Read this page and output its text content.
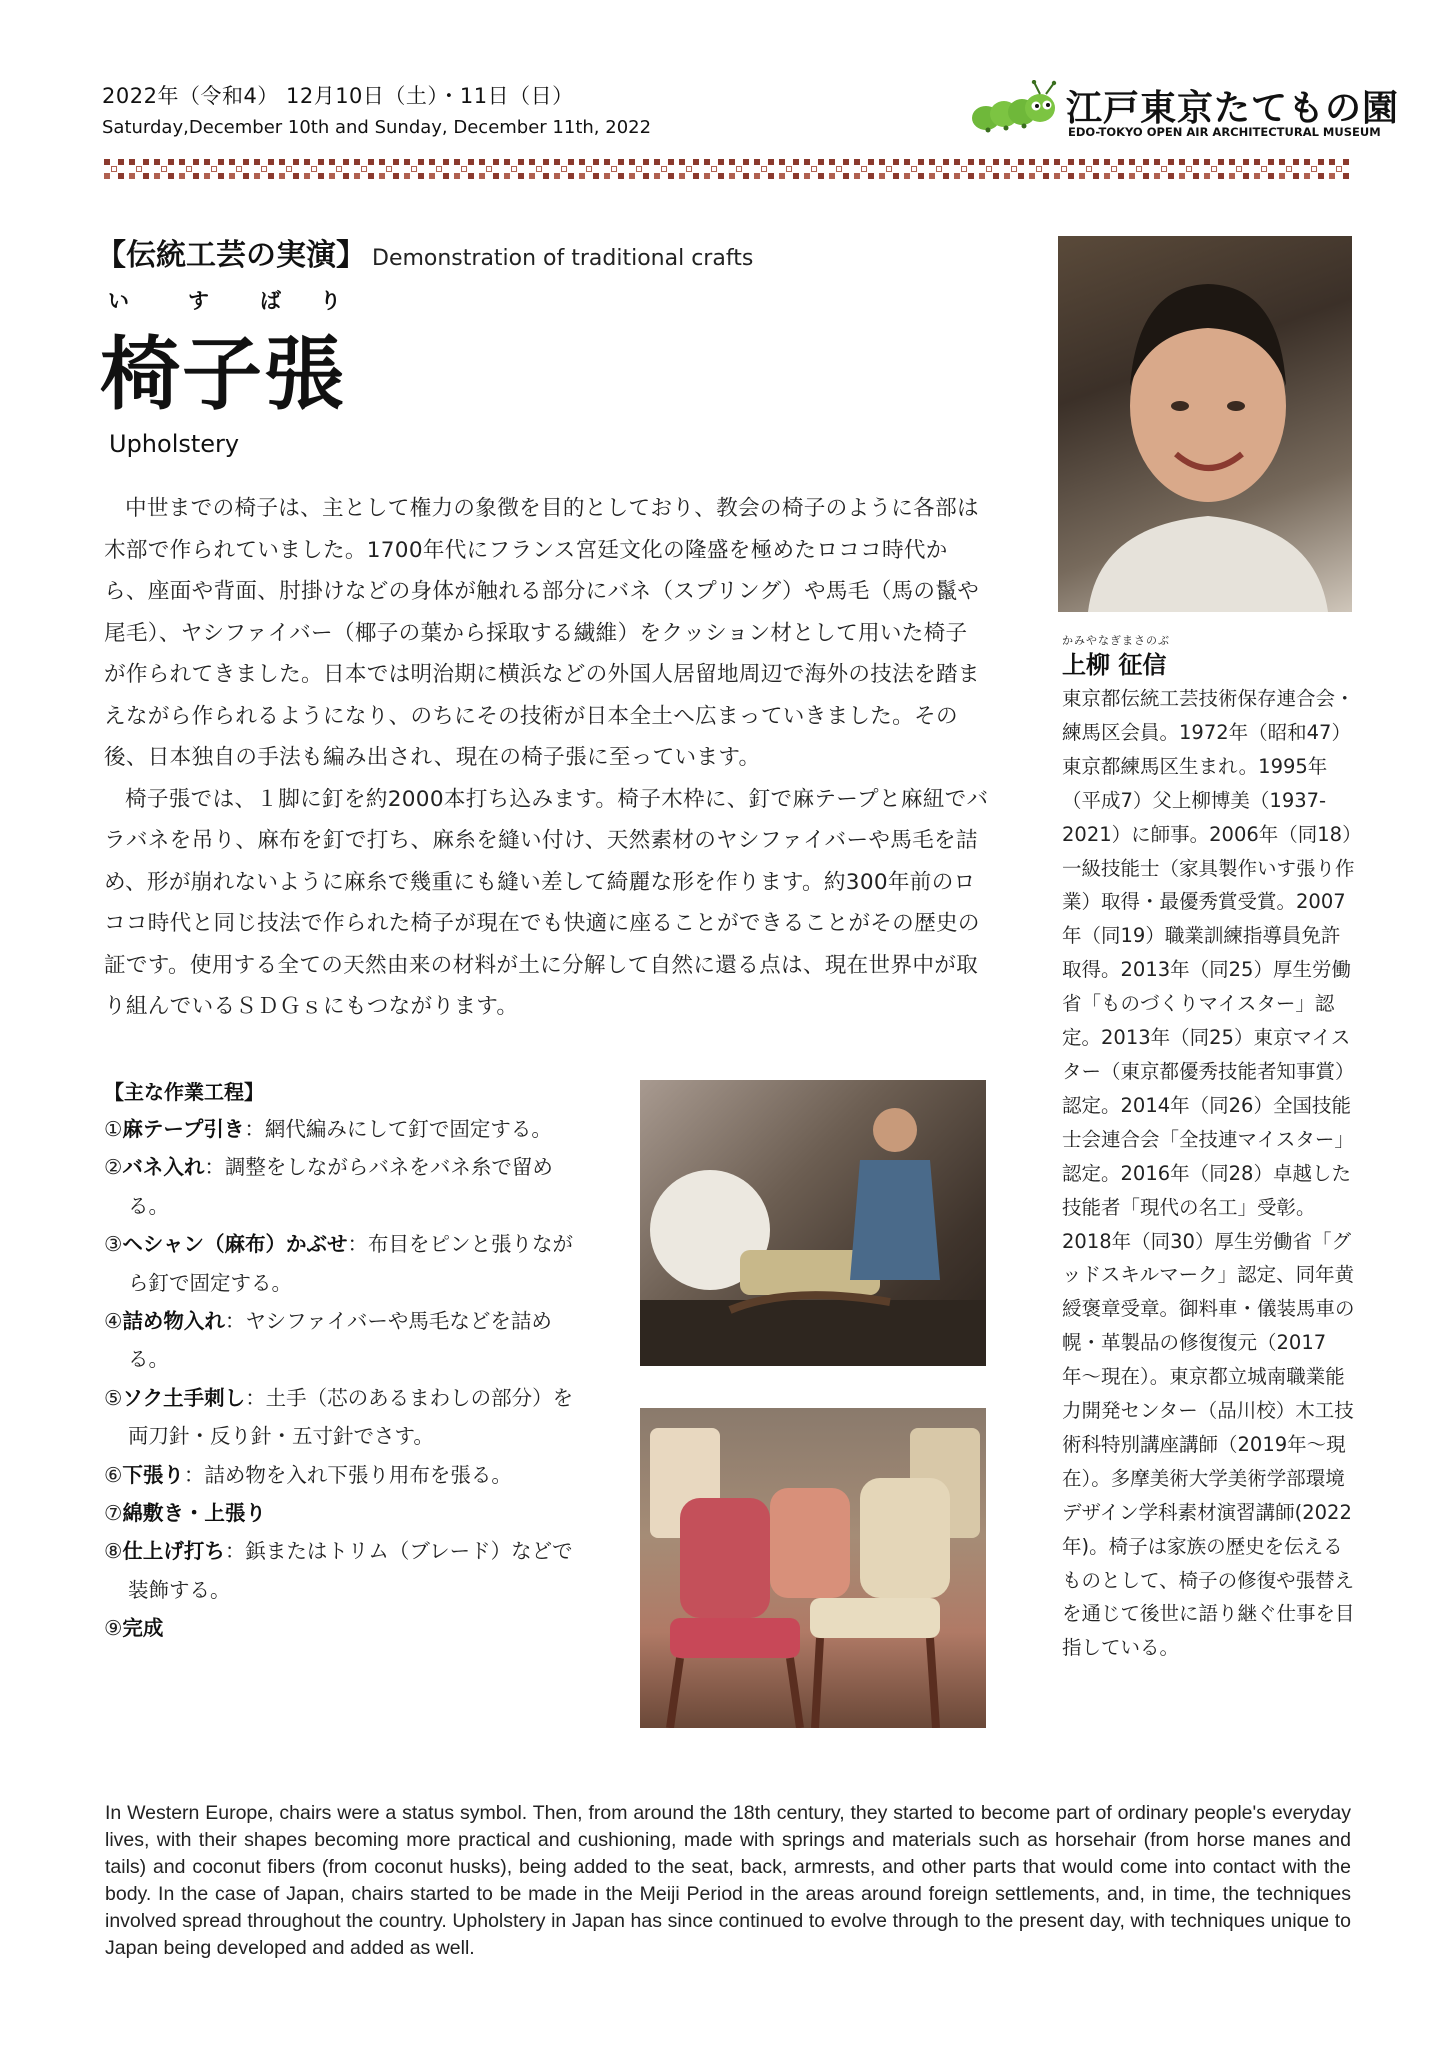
2022年（令和4） 12月10日（土）・11日（日）
Saturday,December 10th and Sunday, December 11th, 2022	江戸東京たてもの園
EDO-TOKYO OPEN AIR ARCHITECTURAL MUSEUM
【伝統工芸の実演】 Demonstration of traditional crafts
い	す ば り
椅子張
Upholstery

中世までの椅子は、主として権力の象徴を目的としており、教会の椅子のように各部は木部で作られていました。1700年代にフランス宮廷文化の隆盛を極めたロココ時代から、座面や背面、肘掛けなどの身体が触れる部分にバネ（スプリング）や馬毛（馬の鬣や尾毛）、ヤシファイバー（椰子の葉から採取する繊維）をクッション材として用いた椅子が作られてきました。日本では明治期に横浜などの外国人居留地周辺で海外の技法を踏まえながら作られるようになり、のちにその技術が日本全土へ広まっていきました。その後、日本独自の手法も編み出され、現在の椅子張に至っています。

椅子張では、１脚に釘を約2000本打ち込みます。椅子木枠に、釘で麻テープと麻紐でバラバネを吊り、麻布を釘で打ち、麻糸を縫い付け、天然素材のヤシファイバーや馬毛を詰め、形が崩れないように麻糸で幾重にも縫い差して綺麗な形を作ります。約300年前のロココ時代と同じ技法で作られた椅子が現在でも快適に座ることができることがその歴史の証です。使用する全ての天然由来の材料が土に分解して自然に還る点は、現在世界中が取り組んでいるＳＤＧｓにもつながります。

【主な作業工程】
①麻テープ引き：網代編みにして釘で固定する。
②バネ入れ：調整をしながらバネをバネ糸で留める。
③ヘシャン（麻布）かぶせ：布目をピンと張りながら釘で固定する。
④詰め物入れ：ヤシファイバーや馬毛などを詰める。
⑤ソク土手刺し：土手（芯のあるまわしの部分）を両刀針・反り針・五寸針でさす。
⑥下張り：詰め物を入れ下張り用布を張る。
⑦綿敷き・上張り
⑧仕上げ打ち：鋲またはトリム（ブレード）などで装飾する。
⑨完成
かみやなぎまさのぶ
上柳 征信
東京都伝統工芸技術保存連合会・練馬区会員。1972年（昭和47）東京都練馬区生まれ。1995年（平成7）父上柳博美（1937-2021）に師事。2006年（同18）一級技能士（家具製作いす張り作業）取得・最優秀賞受賞。2007年（同19）職業訓練指導員免許取得。2013年（同25）厚生労働省「ものづくりマイスター」認定。2013年（同25）東京マイスター（東京都優秀技能者知事賞）認定。2014年（同26）全国技能士会連合会「全技連マイスター」認定。2016年（同28）卓越した技能者「現代の名工」受彰。2018年（同30）厚生労働省「グッドスキルマーク」認定、同年黄綬褒章受章。御料車・儀装馬車の幌・革製品の修復復元（2017年〜現在）。東京都立城南職業能力開発センター（品川校）木工技術科特別講座講師（2019年〜現在）。多摩美術大学美術学部環境デザイン学科素材演習講師(2022年)。椅子は家族の歴史を伝えるものとして、椅子の修復や張替えを通じて後世に語り継ぐ仕事を目指している。
In Western Europe, chairs were a status symbol. Then, from around the 18th century, they started to become part of ordinary people's everyday lives, with their shapes becoming more practical and cushioning, made with springs and materials such as horsehair (from horse manes and tails) and coconut fibers (from coconut husks), being added to the seat, back, armrests, and other parts that would come into contact with the body. In the case of Japan, chairs started to be made in the Meiji Period in the areas around foreign settlements, and, in time, the techniques involved spread throughout the country. Upholstery in Japan has since continued to evolve through to the present day, with techniques unique to Japan being developed and added as well.
